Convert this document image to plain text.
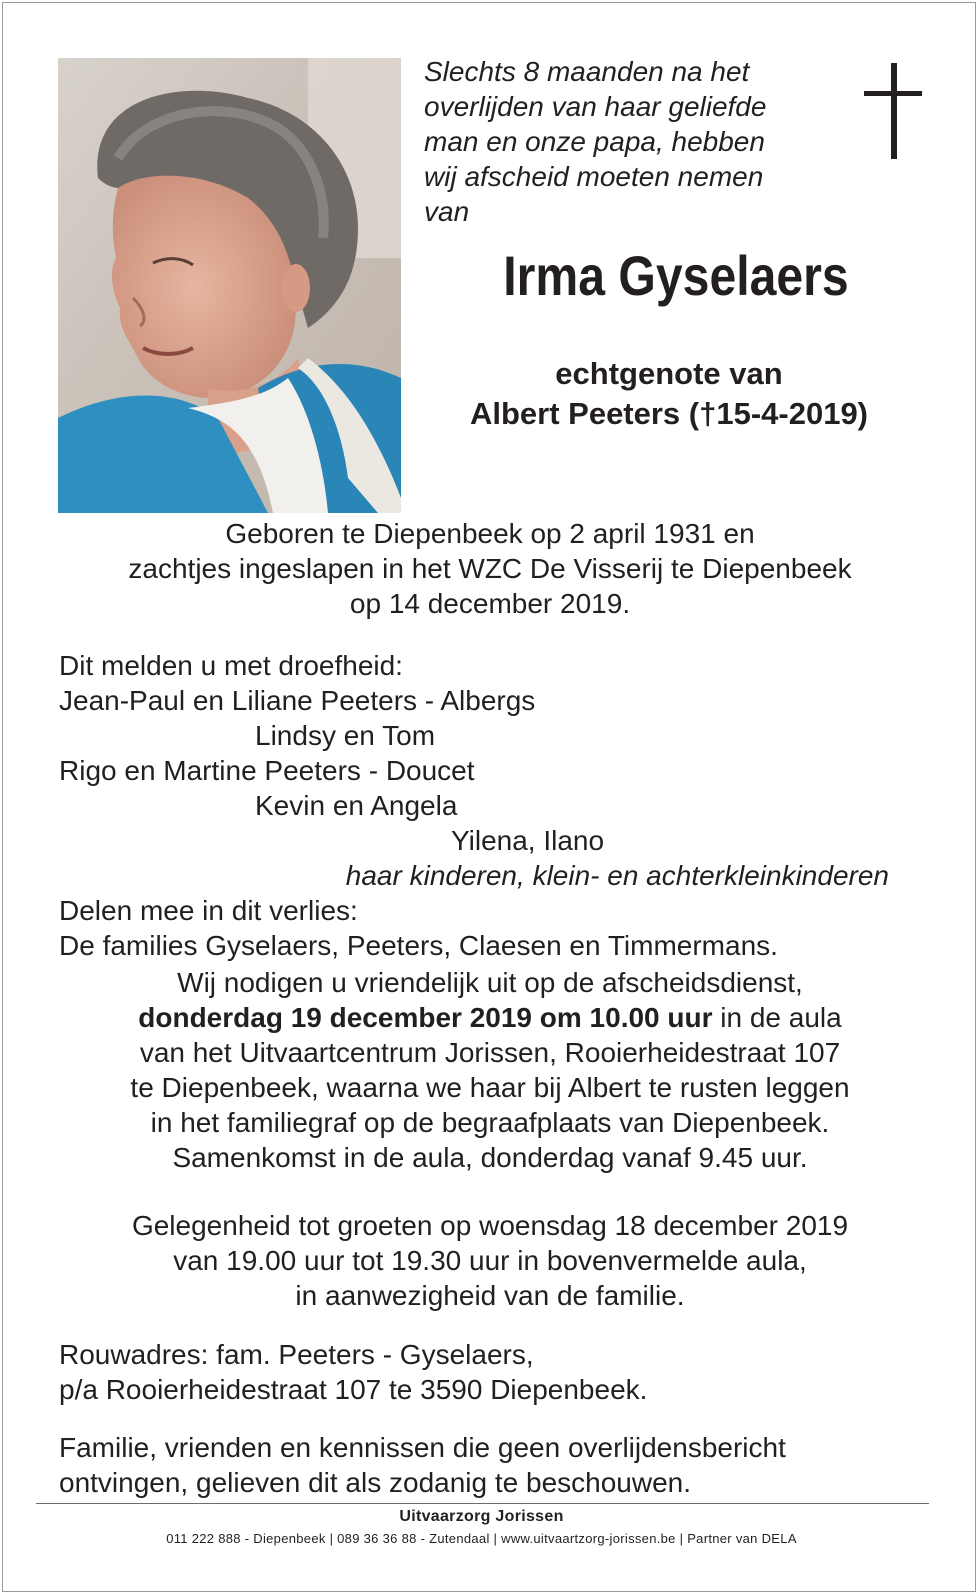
Slechts 8 maanden na het
overlijden van haar geliefde
man en onze papa, hebben
wij afscheid moeten nemen
van
Irma Gyselaers
echtgenote van
Albert Peeters (†15-4-2019)

Geboren te Diepenbeek op 2 april 1931 en

zachtjes ingeslapen in het WZC De Visserij te Diepenbeek

op 14 december 2019.

Dit melden u met droefheid:
Jean-Paul en Liliane Peeters - Albergs
Lindsy en Tom
Rigo en Martine Peeters - Doucet
Kevin en Angela
Yilena, Ilano
haar kinderen, klein- en achterkleinkinderen
Delen mee in dit verlies:
De families Gyselaers, Peeters, Claesen en Timmermans.

Wij nodigen u vriendelijk uit op de afscheidsdienst,

donderdag 19 december 2019 om 10.00 uur in de aula

van het Uitvaartcentrum Jorissen, Rooierheidestraat 107

te Diepenbeek, waarna we haar bij Albert te rusten leggen

in het familiegraf op de begraafplaats van Diepenbeek.

Samenkomst in de aula, donderdag vanaf 9.45 uur.

Gelegenheid tot groeten op woensdag 18 december 2019

van 19.00 uur tot 19.30 uur in bovenvermelde aula,

in aanwezigheid van de familie.

Rouwadres: fam. Peeters - Gyselaers,

p/a Rooierheidestraat 107 te 3590 Diepenbeek.

Familie, vrienden en kennissen die geen overlijdensbericht

ontvingen, gelieven dit als zodanig te beschouwen.

Uitvaarzorg Jorissen
011 222 888 - Diepenbeek | 089 36 36 88 - Zutendaal | www.uitvaartzorg-jorissen.be | Partner van DELA
